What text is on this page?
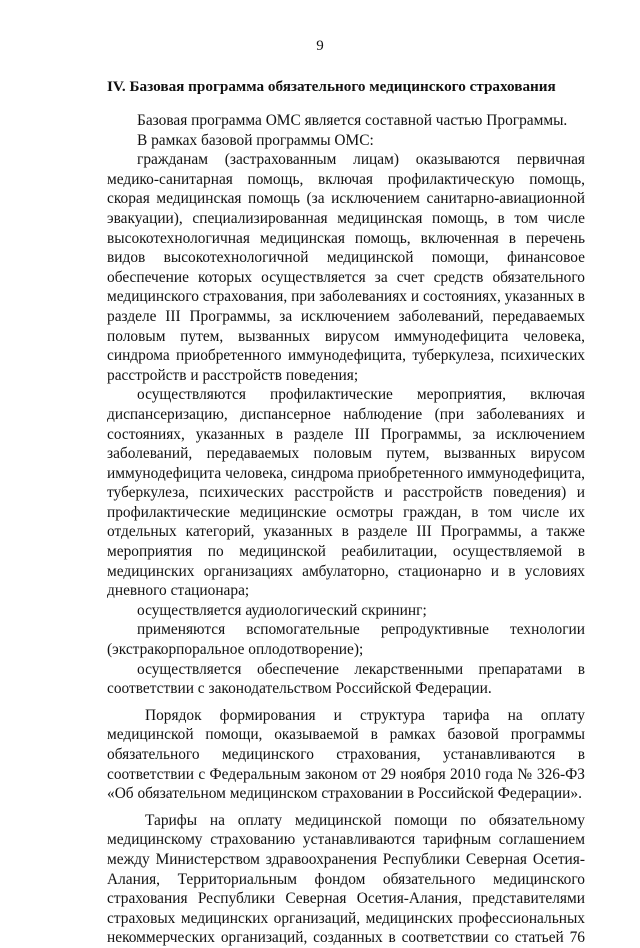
9
IV. Базовая программа обязательного медицинского страхования
Базовая программа ОМС является составной частью Программы.
В рамках базовой программы ОМС:
гражданам (застрахованным лицам) оказываются первичная
медико-санитарная помощь, включая профилактическую помощь,
скорая медицинская помощь (за исключением санитарно-авиационной
эвакуации), специализированная медицинская помощь, в том числе
высокотехнологичная медицинская помощь, включенная в перечень
видов высокотехнологичной медицинской помощи, финансовое
обеспечение которых осуществляется за счет средств обязательного
медицинского страхования, при заболеваниях и состояниях, указанных в
разделе III Программы, за исключением заболеваний, передаваемых
половым путем, вызванных вирусом иммунодефицита человека,
синдрома приобретенного иммунодефицита, туберкулеза, психических
расстройств и расстройств поведения;
осуществляются профилактические мероприятия, включая
диспансеризацию, диспансерное наблюдение (при заболеваниях и
состояниях, указанных в разделе III Программы, за исключением
заболеваний, передаваемых половым путем, вызванных вирусом
иммунодефицита человека, синдрома приобретенного иммунодефицита,
туберкулеза, психических расстройств и расстройств поведения) и
профилактические медицинские осмотры граждан, в том числе их
отдельных категорий, указанных в разделе III Программы, а также
мероприятия по медицинской реабилитации, осуществляемой в
медицинских организациях амбулаторно, стационарно и в условиях
дневного стационара;
осуществляется аудиологический скрининг;
применяются вспомогательные репродуктивные технологии
(экстракорпоральное оплодотворение);
осуществляется обеспечение лекарственными препаратами в
соответствии с законодательством Российской Федерации.
Порядок формирования и структура тарифа на оплату
медицинской помощи, оказываемой в рамках базовой программы
обязательного медицинского страхования, устанавливаются в
соответствии с Федеральным законом от 29 ноября 2010 года № 326-ФЗ
«Об обязательном медицинском страховании в Российской Федерации».
Тарифы на оплату медицинской помощи по обязательному
медицинскому страхованию устанавливаются тарифным соглашением
между Министерством здравоохранения Республики Северная Осетия-
Алания, Территориальным фондом обязательного медицинского
страхования Республики Северная Осетия-Алания, представителями
страховых медицинских организаций, медицинских профессиональных
некоммерческих организаций, созданных в соответствии со статьей 76
